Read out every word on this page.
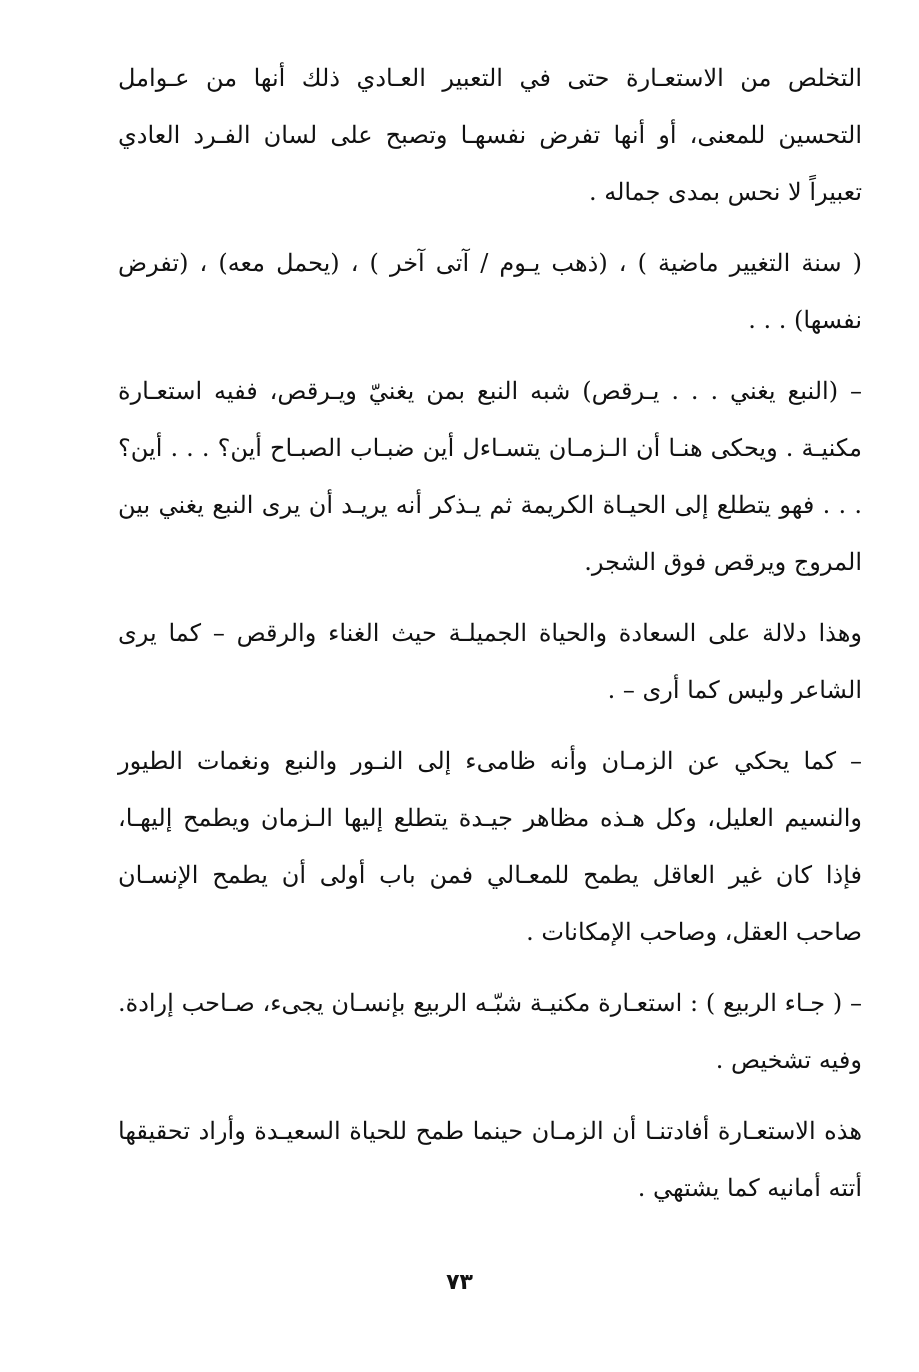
التخلص من الاستعـارة حتى في التعبير العـادي ذلك أنها من عـوامل التحسين للمعنى، أو أنها تفرض نفسهـا وتصبح على لسان الفـرد العادي تعبيراً لا نحس بمدى جماله .

( سنة التغيير ماضية ) ، (ذهب يـوم / آتى آخر ) ، (يحمل معه) ، (تفرض نفسها) . . .

– (النبع يغني . . . يـرقص) شبه النبع بمن يغنيّ ويـرقص، ففيه استعـارة مكنيـة . ويحكى هنـا أن الـزمـان يتسـاءل أين ضبـاب الصبـاح أين؟ . . . أين؟ . . . فهو يتطلع إلى الحيـاة الكريمة ثم يـذكر أنه يريـد أن يرى النبع يغني بين المروج ويرقص فوق الشجر.

وهذا دلالة على السعادة والحياة الجميلـة حيث الغناء والرقص – كما يرى الشاعر وليس كما أرى – .

– كما يحكي عن الزمـان وأنه ظامىء إلى النـور والنبع ونغمات الطيور والنسيم العليل، وكل هـذه مظاهر جيـدة يتطلع إليها الـزمان ويطمح إليهـا، فإذا كان غير العاقل يطمح للمعـالي فمن باب أولى أن يطمح الإنسـان صاحب العقل، وصاحب الإمكانات .

– ( جـاء الربيع ) : استعـارة مكنيـة شبّـه الربيع بإنسـان يجىء، صـاحب إرادة. وفيه تشخيص .

هذه الاستعـارة أفادتنـا أن الزمـان حينما طمح للحياة السعيـدة وأراد تحقيقها أتته أمانيه كما يشتهي .

٧٣
